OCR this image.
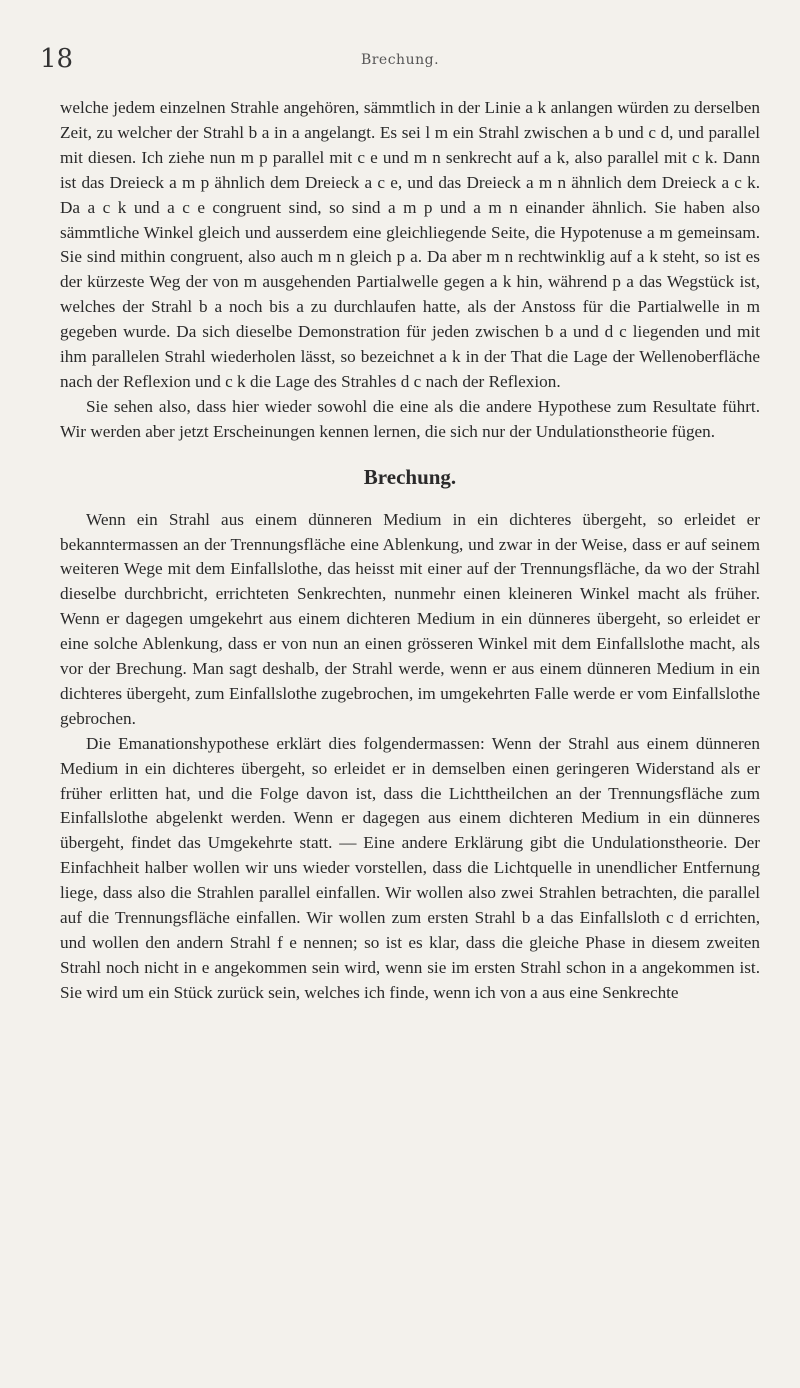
18	Brechung.

welche jedem einzelnen Strahle angehören, sämmtlich in der Linie a k anlangen würden zu derselben Zeit, zu welcher der Strahl b a in a angelangt. Es sei l m ein Strahl zwischen a b und c d, und parallel mit diesen. Ich ziehe nun m p parallel mit c e und m n senkrecht auf a k, also parallel mit c k. Dann ist das Dreieck a m p ähnlich dem Dreieck a c e, und das Dreieck a m n ähnlich dem Dreieck a c k. Da a c k und a c e congruent sind, so sind a m p und a m n einander ähnlich. Sie haben also sämmtliche Winkel gleich und ausserdem eine gleichliegende Seite, die Hypotenuse a m gemeinsam. Sie sind mithin congruent, also auch m n gleich p a. Da aber m n rechtwinklig auf a k steht, so ist es der kürzeste Weg der von m ausgehenden Partialwelle gegen a k hin, während p a das Wegstück ist, welches der Strahl b a noch bis a zu durchlaufen hatte, als der Anstoss für die Partialwelle in m gegeben wurde. Da sich dieselbe Demonstration für jeden zwischen b a und d c liegenden und mit ihm parallelen Strahl wiederholen lässt, so bezeichnet a k in der That die Lage der Wellenoberfläche nach der Reflexion und c k die Lage des Strahles d c nach der Reflexion.

Sie sehen also, dass hier wieder sowohl die eine als die andere Hypothese zum Resultate führt. Wir werden aber jetzt Erscheinungen kennen lernen, die sich nur der Undulationstheorie fügen.

Brechung.

Wenn ein Strahl aus einem dünneren Medium in ein dichteres übergeht, so erleidet er bekanntermassen an der Trennungsfläche eine Ablenkung, und zwar in der Weise, dass er auf seinem weiteren Wege mit dem Einfallslothe, das heisst mit einer auf der Trennungsfläche, da wo der Strahl dieselbe durchbricht, errichteten Senkrechten, nunmehr einen kleineren Winkel macht als früher. Wenn er dagegen umgekehrt aus einem dichteren Medium in ein dünneres übergeht, so erleidet er eine solche Ablenkung, dass er von nun an einen grösseren Winkel mit dem Einfallslothe macht, als vor der Brechung. Man sagt deshalb, der Strahl werde, wenn er aus einem dünneren Medium in ein dichteres übergeht, zum Einfallslothe zugebrochen, im umgekehrten Falle werde er vom Einfallslothe gebrochen.

Die Emanationshypothese erklärt dies folgendermassen: Wenn der Strahl aus einem dünneren Medium in ein dichteres übergeht, so erleidet er in demselben einen geringeren Widerstand als er früher erlitten hat, und die Folge davon ist, dass die Lichttheilchen an der Trennungsfläche zum Einfallslothe abgelenkt werden. Wenn er dagegen aus einem dichteren Medium in ein dünneres übergeht, findet das Umgekehrte statt. — Eine andere Erklärung gibt die Undulationstheorie. Der Einfachheit halber wollen wir uns wieder vorstellen, dass die Lichtquelle in unendlicher Entfernung liege, dass also die Strahlen parallel einfallen. Wir wollen also zwei Strahlen betrachten, die parallel auf die Trennungsfläche einfallen. Wir wollen zum ersten Strahl b a das Einfallsloth c d errichten, und wollen den andern Strahl f e nennen; so ist es klar, dass die gleiche Phase in diesem zweiten Strahl noch nicht in e angekommen sein wird, wenn sie im ersten Strahl schon in a angekommen ist. Sie wird um ein Stück zurück sein, welches ich finde, wenn ich von a aus eine Senkrechte
